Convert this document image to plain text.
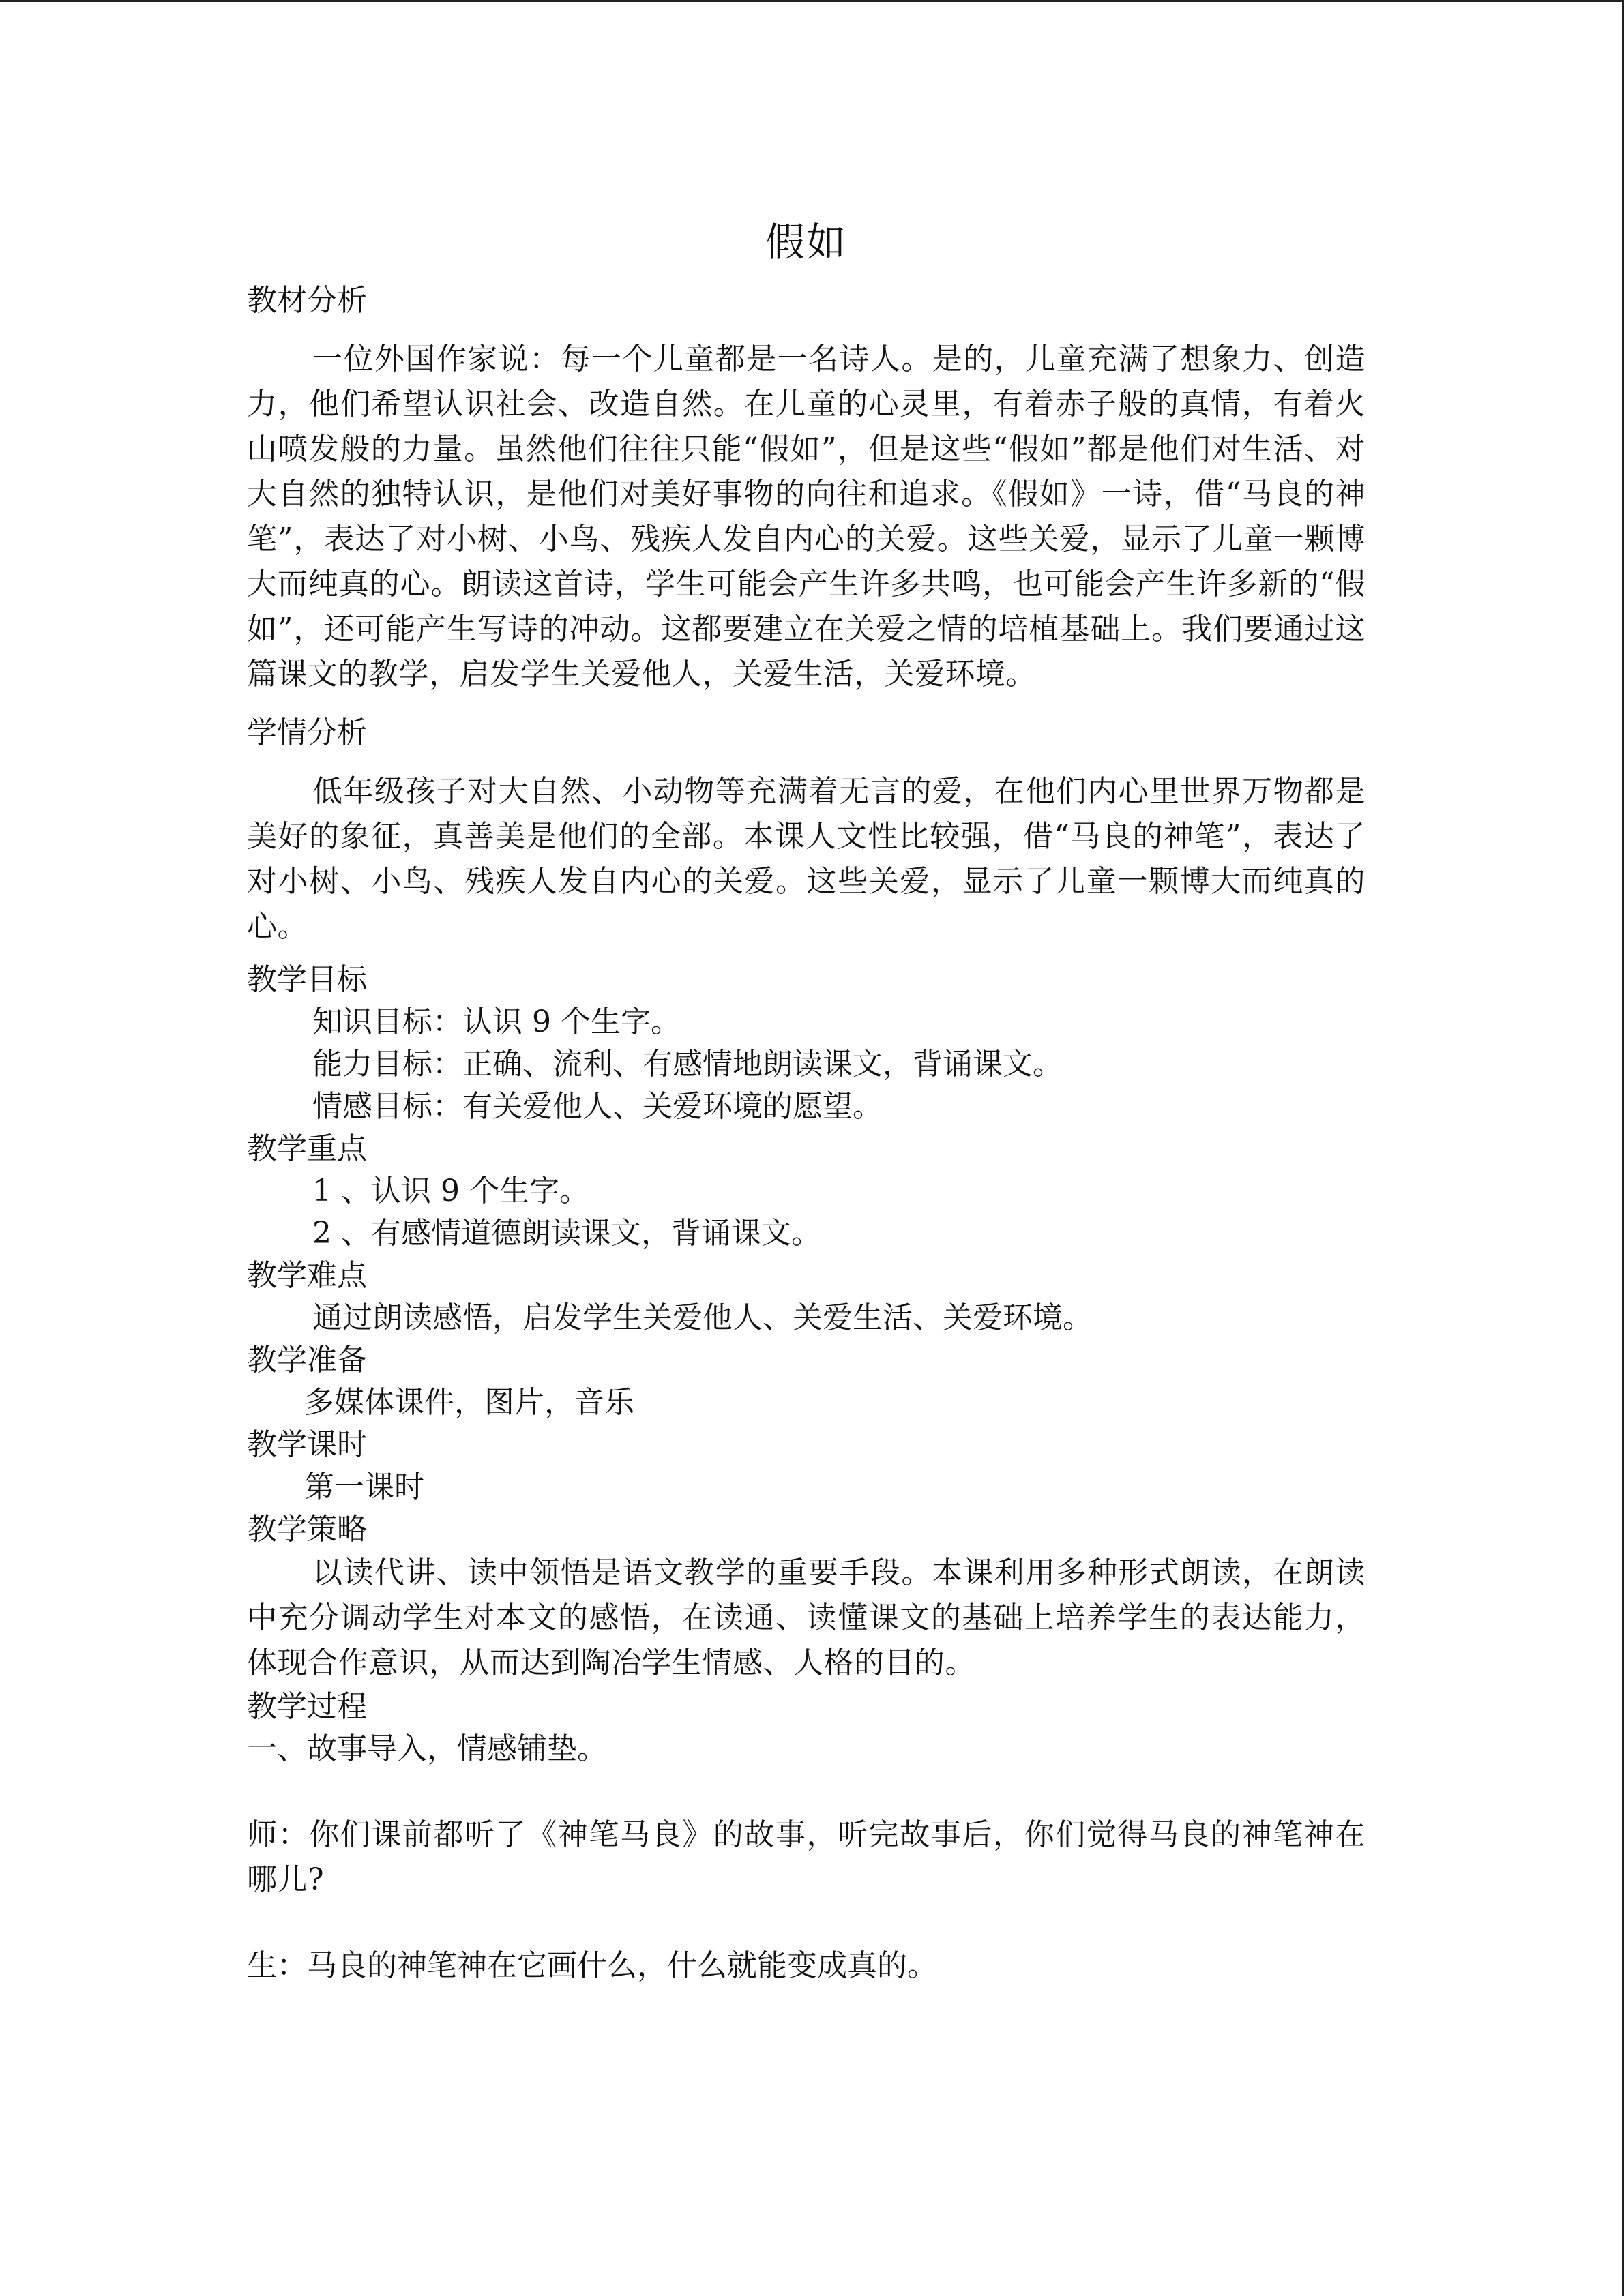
假如

教材分析

一位外国作家说：每一个儿童都是一名诗人。是的，儿童充满了想象力、创造力，他们希望认识社会、改造自然。在儿童的心灵里，有着赤子般的真情，有着火山喷发般的力量。虽然他们往往只能“假如”，但是这些“假如”都是他们对生活、对大自然的独特认识，是他们对美好事物的向往和追求。《假如》一诗，借“马良的神笔”，表达了对小树、小鸟、残疾人发自内心的关爱。这些关爱，显示了儿童一颗博大而纯真的心。朗读这首诗，学生可能会产生许多共鸣，也可能会产生许多新的“假如”，还可能产生写诗的冲动。这都要建立在关爱之情的培植基础上。我们要通过这篇课文的教学，启发学生关爱他人，关爱生活，关爱环境。

学情分析

低年级孩子对大自然、小动物等充满着无言的爱，在他们内心里世界万物都是美好的象征，真善美是他们的全部。本课人文性比较强，借“马良的神笔”，表达了对小树、小鸟、残疾人发自内心的关爱。这些关爱，显示了儿童一颗博大而纯真的心。

教学目标

知识目标：认识 9 个生字。

能力目标：正确、流利、有感情地朗读课文，背诵课文。

情感目标：有关爱他人、关爱环境的愿望。

教学重点

1 、认识 9 个生字。

2 、有感情道德朗读课文，背诵课文。

教学难点

通过朗读感悟，启发学生关爱他人、关爱生活、关爱环境。

教学准备

多媒体课件，图片，音乐

教学课时

第一课时

教学策略

以读代讲、读中领悟是语文教学的重要手段。本课利用多种形式朗读，在朗读中充分调动学生对本文的感悟，在读通、读懂课文的基础上培养学生的表达能力，体现合作意识，从而达到陶冶学生情感、人格的目的。

教学过程

一、故事导入，情感铺垫。

师：你们课前都听了《神笔马良》的故事，听完故事后，你们觉得马良的神笔神在哪儿?

生：马良的神笔神在它画什么，什么就能变成真的。
